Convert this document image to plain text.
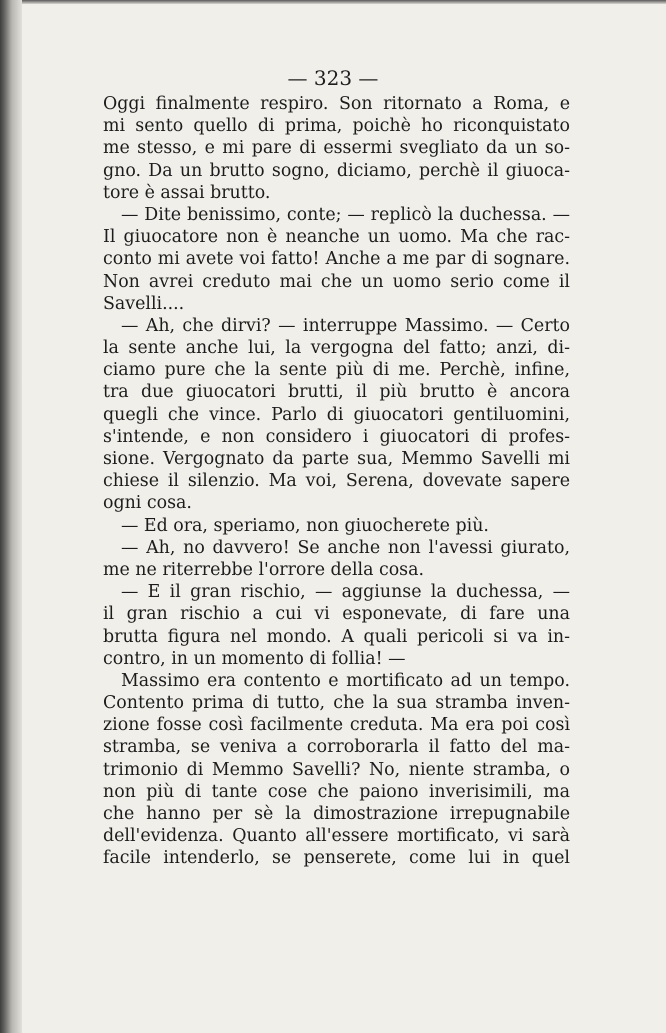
— 323 —
Oggi finalmente respiro. Son ritornato a Roma, e
mi sento quello di prima, poichè ho riconquistato
me stesso, e mi pare di essermi svegliato da un so-
gno. Da un brutto sogno, diciamo, perchè il giuoca-
tore è assai brutto.
— Dite benissimo, conte; — replicò la duchessa. —
Il giuocatore non è neanche un uomo. Ma che rac-
conto mi avete voi fatto! Anche a me par di sognare.
Non avrei creduto mai che un uomo serio come il
Savelli....
— Ah, che dirvi? — interruppe Massimo. — Certo
la sente anche lui, la vergogna del fatto; anzi, di-
ciamo pure che la sente più di me. Perchè, infine,
tra due giuocatori brutti, il più brutto è ancora
quegli che vince. Parlo di giuocatori gentiluomini,
s'intende, e non considero i giuocatori di profes-
sione. Vergognato da parte sua, Memmo Savelli mi
chiese il silenzio. Ma voi, Serena, dovevate sapere
ogni cosa.
— Ed ora, speriamo, non giuocherete più.
— Ah, no davvero! Se anche non l'avessi giurato,
me ne riterrebbe l'orrore della cosa.
— E il gran rischio, — aggiunse la duchessa, —
il gran rischio a cui vi esponevate, di fare una
brutta figura nel mondo. A quali pericoli si va in-
contro, in un momento di follia! —
Massimo era contento e mortificato ad un tempo.
Contento prima di tutto, che la sua stramba inven-
zione fosse così facilmente creduta. Ma era poi così
stramba, se veniva a corroborarla il fatto del ma-
trimonio di Memmo Savelli? No, niente stramba, o
non più di tante cose che paiono inverisimili, ma
che hanno per sè la dimostrazione irrepugnabile
dell'evidenza. Quanto all'essere mortificato, vi sarà
facile intenderlo, se penserete, come lui in quel
